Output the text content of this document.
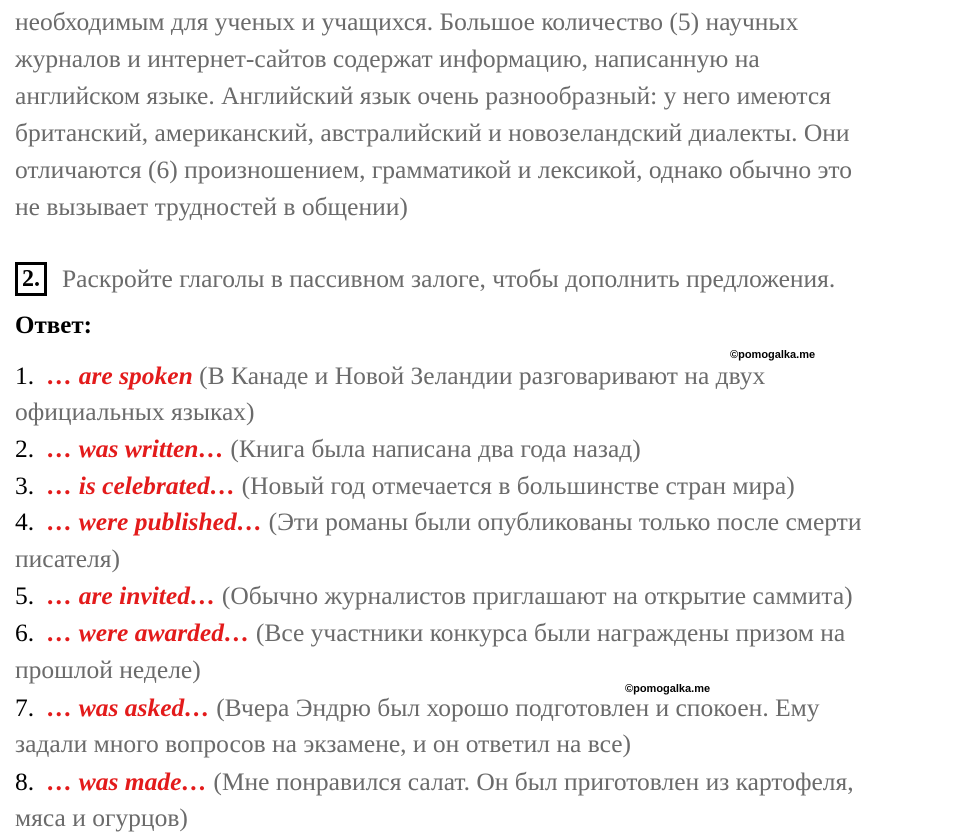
необходимым для ученых и учащихся. Большое количество (5) научных
журналов и интернет-сайтов содержат информацию, написанную на
английском языке. Английский язык очень разнообразный: у него имеются
британский, американский, австралийский и новозеландский диалекты. Они
отличаются (6) произношением, грамматикой и лексикой, однако обычно это
не вызывает трудностей в общении)
2. Раскройте глаголы в пассивном залоге, чтобы дополнить предложения.
Ответ:
©pomogalka.me
©pomogalka.me
1. … are spoken (В Канаде и Новой Зеландии разговаривают на двух
официальных языках)
2. … was written… (Книга была написана два года назад)
3. … is celebrated… (Новый год отмечается в большинстве стран мира)
4. … were published… (Эти романы были опубликованы только после смерти
писателя)
5. … are invited… (Обычно журналистов приглашают на открытие саммита)
6. … were awarded… (Все участники конкурса были награждены призом на
прошлой неделе)
7. … was asked… (Вчера Эндрю был хорошо подготовлен и спокоен. Ему
задали много вопросов на экзамене, и он ответил на все)
8. … was made… (Мне понравился салат. Он был приготовлен из картофеля,
мяса и огурцов)
